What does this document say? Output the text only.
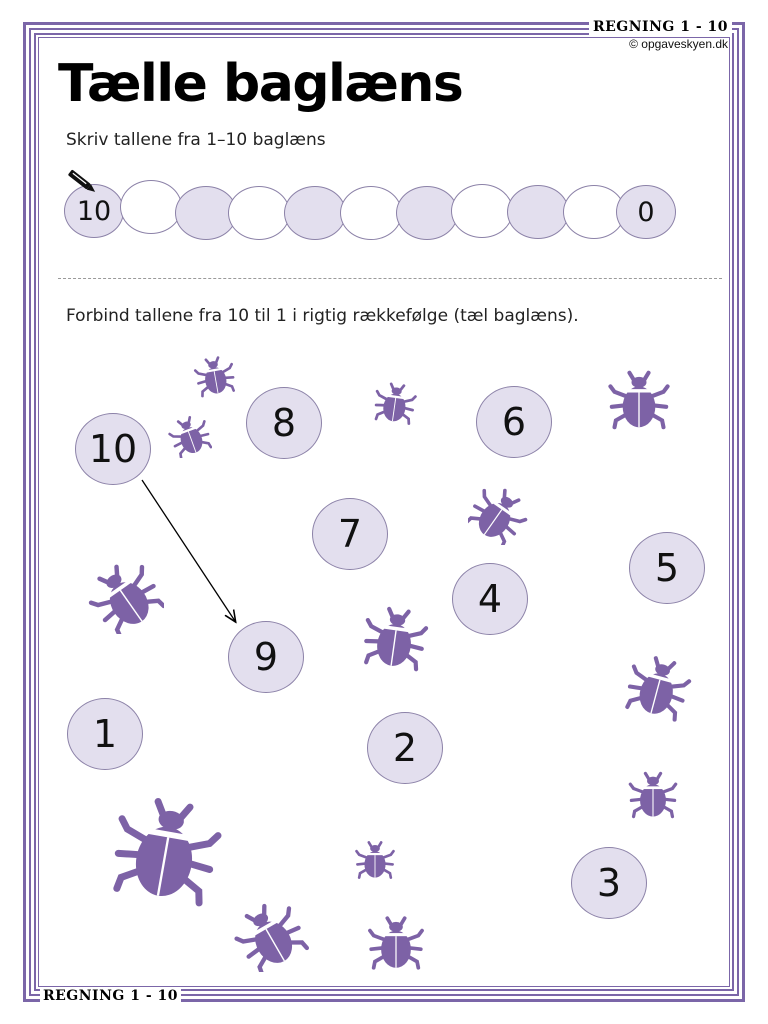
REGNING 1 - 10
© opgaveskyen.dk
Tælle baglæns
Skriv tallene fra 1–10 baglæns
10	0
Forbind tallene fra 10 til 1 i rigtig rækkefølge (tæl baglæns).
10
9
8
7
6
5
4
3
2
1
REGNING 1 - 10
